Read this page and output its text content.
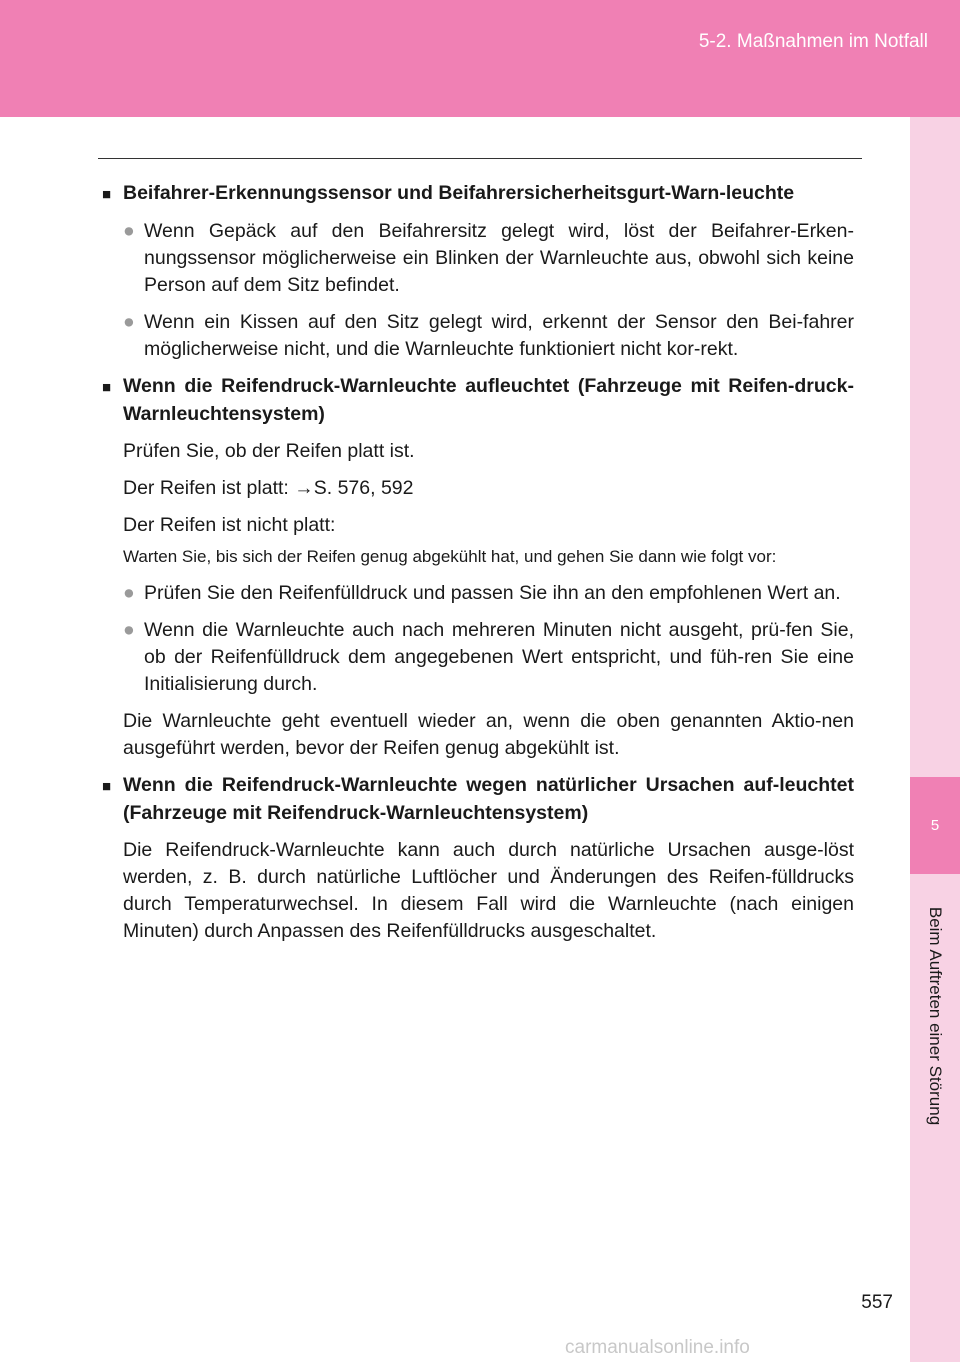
5-2. Maßnahmen im Notfall
5
Beim Auftreten einer Störung

■ Beifahrer-Erkennungssensor und Beifahrersicherheitsgurt-Warn-leuchte

● Wenn Gepäck auf den Beifahrersitz gelegt wird, löst der Beifahrer-Erken-nungssensor möglicherweise ein Blinken der Warnleuchte aus, obwohl sich keine Person auf dem Sitz befindet.

● Wenn ein Kissen auf den Sitz gelegt wird, erkennt der Sensor den Bei-fahrer möglicherweise nicht, und die Warnleuchte funktioniert nicht kor-rekt.

■ Wenn die Reifendruck-Warnleuchte aufleuchtet (Fahrzeuge mit Reifen-druck-Warnleuchtensystem)

Prüfen Sie, ob der Reifen platt ist.

Der Reifen ist platt: →S. 576, 592

Der Reifen ist nicht platt:

Warten Sie, bis sich der Reifen genug abgekühlt hat, und gehen Sie dann wie folgt vor:

● Prüfen Sie den Reifenfülldruck und passen Sie ihn an den empfohlenen Wert an.

● Wenn die Warnleuchte auch nach mehreren Minuten nicht ausgeht, prü-fen Sie, ob der Reifenfülldruck dem angegebenen Wert entspricht, und füh-ren Sie eine Initialisierung durch.

Die Warnleuchte geht eventuell wieder an, wenn die oben genannten Aktio-nen ausgeführt werden, bevor der Reifen genug abgekühlt ist.

■ Wenn die Reifendruck-Warnleuchte wegen natürlicher Ursachen auf-leuchtet (Fahrzeuge mit Reifendruck-Warnleuchtensystem)

Die Reifendruck-Warnleuchte kann auch durch natürliche Ursachen ausge-löst werden, z. B. durch natürliche Luftlöcher und Änderungen des Reifen-fülldrucks durch Temperaturwechsel. In diesem Fall wird die Warnleuchte (nach einigen Minuten) durch Anpassen des Reifenfülldrucks ausgeschaltet.

557
carmanualsonline.info
